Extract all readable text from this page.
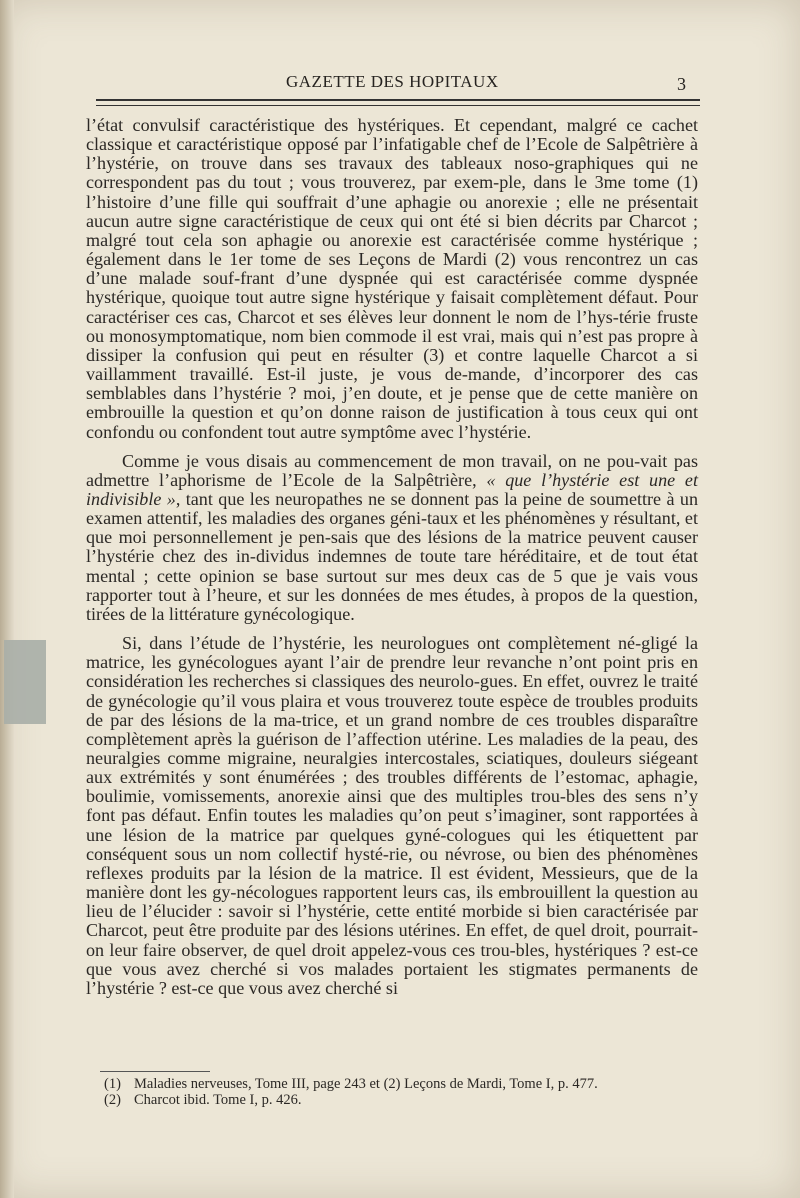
GAZETTE DES HOPITAUX	3

l’état convulsif caractéristique des hystériques. Et cependant, malgré ce cachet classique et caractéristique opposé par l’infatigable chef de l’Ecole de Salpêtrière à l’hystérie, on trouve dans ses travaux des tableaux noso-graphiques qui ne correspondent pas du tout ; vous trouverez, par exem-ple, dans le 3me tome (1) l’histoire d’une fille qui souffrait d’une aphagie ou anorexie ; elle ne présentait aucun autre signe caractéristique de ceux qui ont été si bien décrits par Charcot ; malgré tout cela son aphagie ou anorexie est caractérisée comme hystérique ; également dans le 1er tome de ses Leçons de Mardi (2) vous rencontrez un cas d’une malade souf-frant d’une dyspnée qui est caractérisée comme dyspnée hystérique, quoique tout autre signe hystérique y faisait complètement défaut. Pour caractériser ces cas, Charcot et ses élèves leur donnent le nom de l’hys-térie fruste ou monosymptomatique, nom bien commode il est vrai, mais qui n’est pas propre à dissiper la confusion qui peut en résulter (3) et contre laquelle Charcot a si vaillamment travaillé. Est-il juste, je vous de-mande, d’incorporer des cas semblables dans l’hystérie ? moi, j’en doute, et je pense que de cette manière on embrouille la question et qu’on donne raison de justification à tous ceux qui ont confondu ou confondent tout autre symptôme avec l’hystérie.

Comme je vous disais au commencement de mon travail, on ne pou-vait pas admettre l’aphorisme de l’Ecole de la Salpêtrière, « que l’hystérie est une et indivisible », tant que les neuropathes ne se donnent pas la peine de soumettre à un examen attentif, les maladies des organes géni-taux et les phénomènes y résultant, et que moi personnellement je pen-sais que des lésions de la matrice peuvent causer l’hystérie chez des in-dividus indemnes de toute tare héréditaire, et de tout état mental ; cette opinion se base surtout sur mes deux cas de 5 que je vais vous rapporter tout à l’heure, et sur les données de mes études, à propos de la question, tirées de la littérature gynécologique.

Si, dans l’étude de l’hystérie, les neurologues ont complètement né-gligé la matrice, les gynécologues ayant l’air de prendre leur revanche n’ont point pris en considération les recherches si classiques des neurolo-gues. En effet, ouvrez le traité de gynécologie qu’il vous plaira et vous trouverez toute espèce de troubles produits de par des lésions de la ma-trice, et un grand nombre de ces troubles disparaître complètement après la guérison de l’affection utérine. Les maladies de la peau, des neuralgies comme migraine, neuralgies intercostales, sciatiques, douleurs siégeant aux extrémités y sont énumérées ; des troubles différents de l’estomac, aphagie, boulimie, vomissements, anorexie ainsi que des multiples trou-bles des sens n’y font pas défaut. Enfin toutes les maladies qu’on peut s’imaginer, sont rapportées à une lésion de la matrice par quelques gyné-cologues qui les étiquettent par conséquent sous un nom collectif hysté-rie, ou névrose, ou bien des phénomènes reflexes produits par la lésion de la matrice. Il est évident, Messieurs, que de la manière dont les gy-nécologues rapportent leurs cas, ils embrouillent la question au lieu de l’élucider : savoir si l’hystérie, cette entité morbide si bien caractérisée par Charcot, peut être produite par des lésions utérines. En effet, de quel droit, pourrait-on leur faire observer, de quel droit appelez-vous ces trou-bles, hystériques ? est-ce que vous avez cherché si vos malades portaient les stigmates permanents de l’hystérie ? est-ce que vous avez cherché si

(1) Maladies nerveuses, Tome III, page 243 et (2) Leçons de Mardi, Tome I, p. 477.
(2) Charcot ibid. Tome I, p. 426.
